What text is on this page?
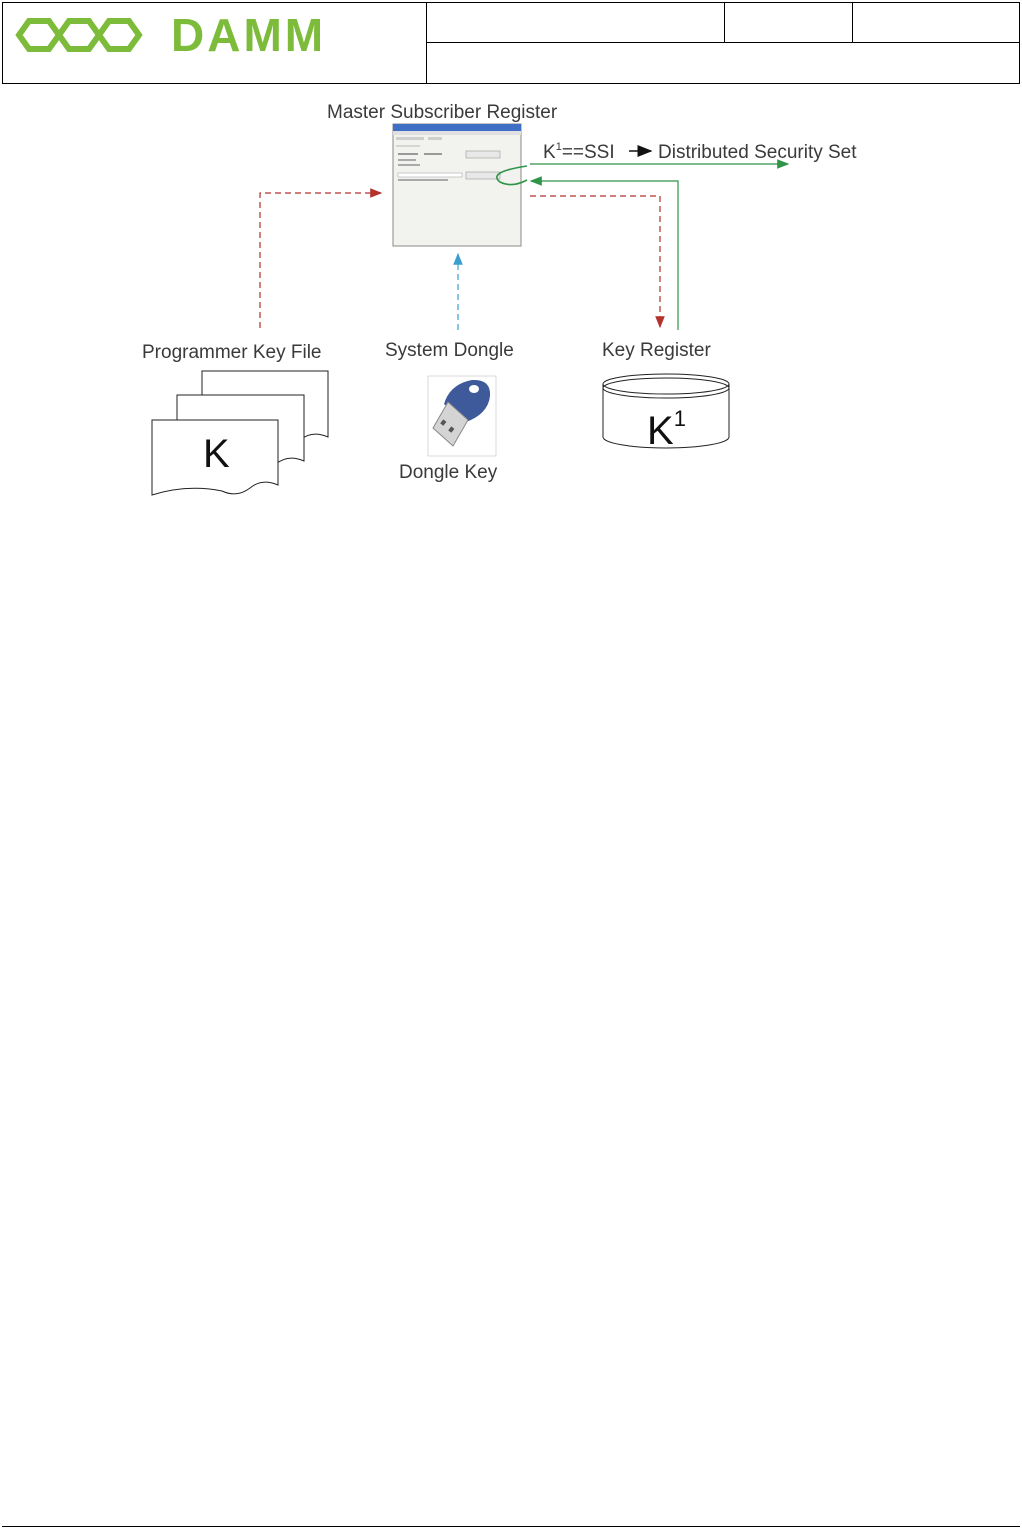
DAMM
Master Subscriber Register
$K^1==SSI$ Distributed Security Set
Programmer Key File	System Dongle	Key Register
K	Dongle Key
$K^1$
